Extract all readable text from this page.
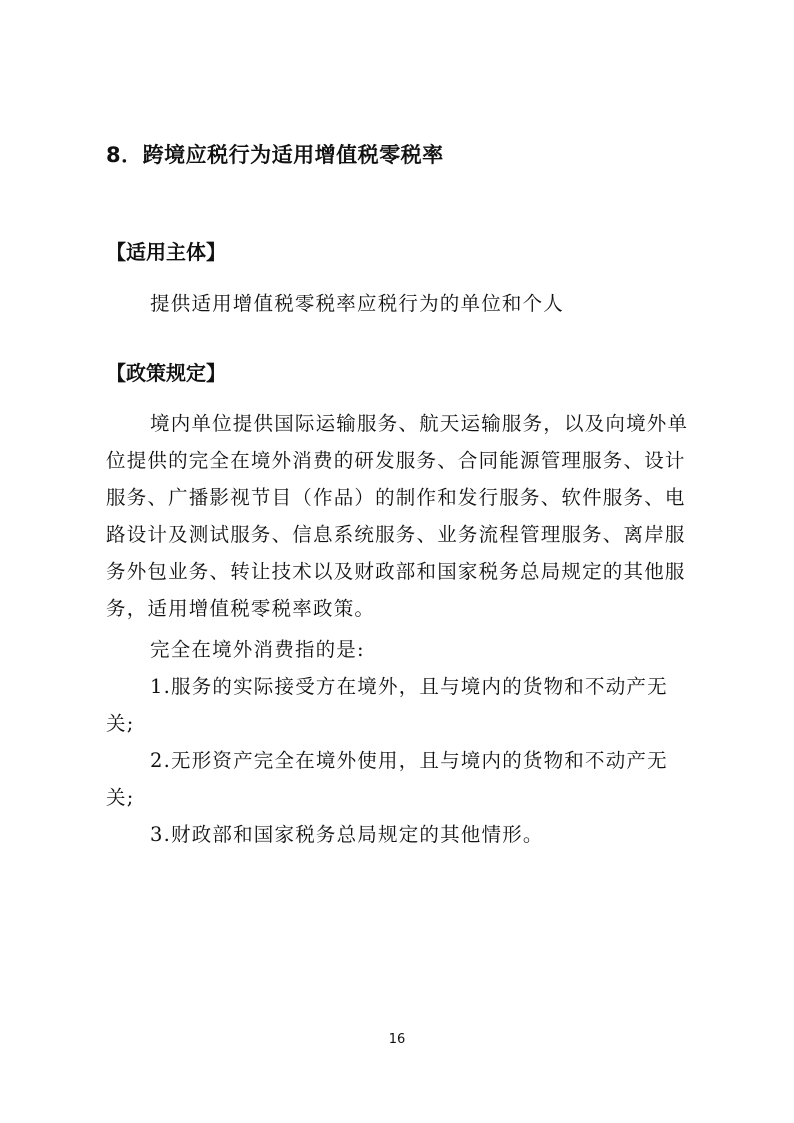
8．跨境应税行为适用增值税零税率
【适用主体】
提供适用增值税零税率应税行为的单位和个人
【政策规定】
境内单位提供国际运输服务、航天运输服务，以及向境外单
位提供的完全在境外消费的研发服务、合同能源管理服务、设计
服务、广播影视节目（作品）的制作和发行服务、软件服务、电
路设计及测试服务、信息系统服务、业务流程管理服务、离岸服
务外包业务、转让技术以及财政部和国家税务总局规定的其他服
务，适用增值税零税率政策。
完全在境外消费指的是:
1.服务的实际接受方在境外，且与境内的货物和不动产无
关;
2.无形资产完全在境外使用，且与境内的货物和不动产无
关;
3.财政部和国家税务总局规定的其他情形。
16
